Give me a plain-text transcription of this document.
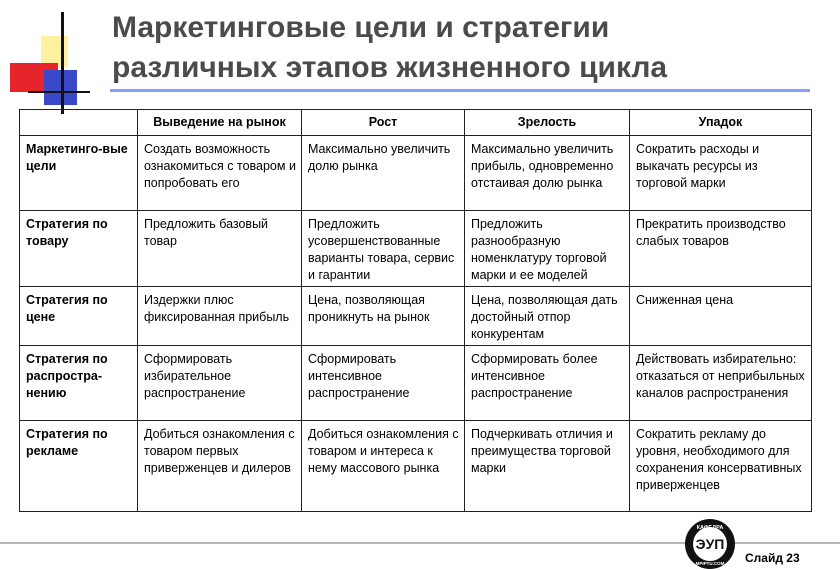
Маркетинговые цели и стратегии
различных этапов жизненного цикла
	Выведение на рынок	Рост	Зрелость	Упадок
Маркетинго-вые цели	Создать возможность ознакомиться с товаром и попробовать его	Максимально увеличить долю рынка	Максимально увеличить прибыль, одновременно отстаивая долю рынка	Сократить расходы и выкачать ресурсы из торговой марки
Стратегия по товару	Предложить базовый товар	Предложить усовершенствованные варианты товара, сервис и гарантии	Предложить разнообразную номенклатуру торговой марки и ее моделей	Прекратить производство слабых товаров
Стратегия по цене	Издержки плюс фиксированная прибыль	Цена, позволяющая проникнуть на рынок	Цена, позволяющая дать достойный отпор конкурентам	Сниженная цена
Стратегия по распростра-нению	Сформировать избирательное распространение	Сформировать интенсивное распространение	Сформировать более интенсивное распространение	Действовать избирательно: отказаться от неприбыльных каналов распространения
Стратегия по рекламе	Добиться ознакомления с товаром первых приверженцев и дилеров	Добиться ознакомления с товаром и интереса к нему массового рынка	Подчеркивать отличия и преимущества торговой марки	Сократить рекламу до уровня, необходимого для сохранения консервативных приверженцев
КАФЕДРА
ЭУП
MPIPTU.COM Слайд 23
